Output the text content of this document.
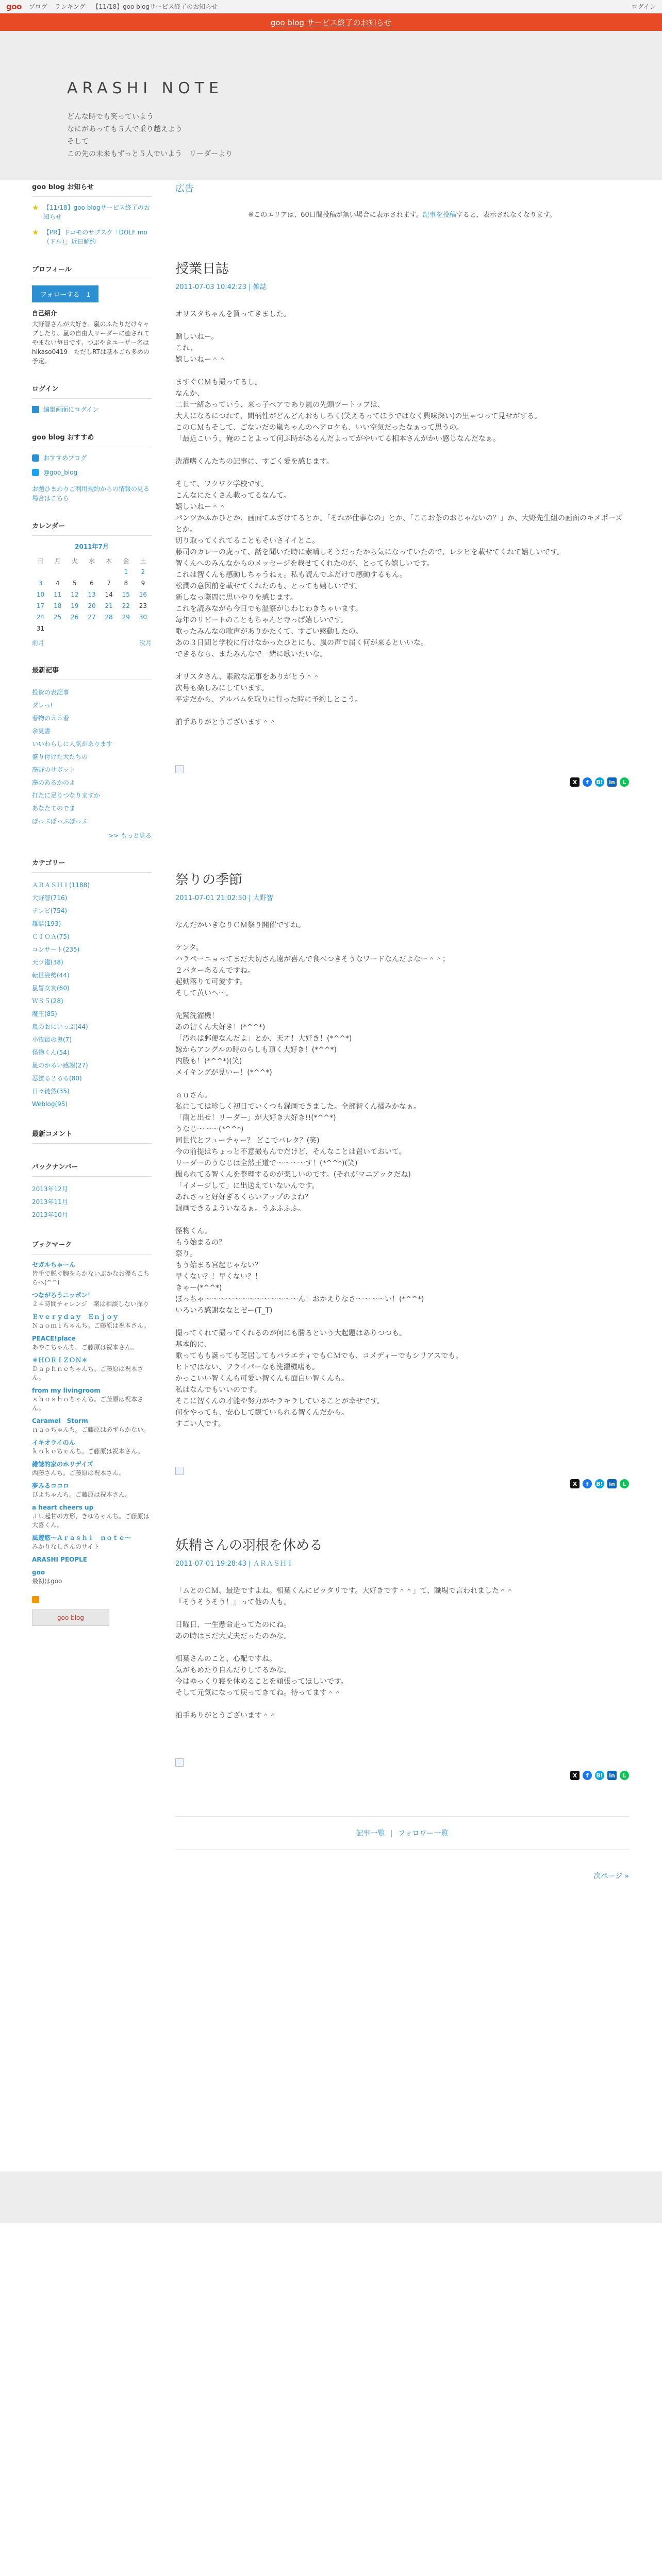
goo ブログ ランキング 【11/18】goo blogサービス終了のお知らせ	ログイン
goo blog サービス終了のお知らせ
ARASHI NOTE
どんな時でも笑っていよう
なにがあっても５人で乗り越えよう
そして
この先の未来もずっと５人でいよう　リーダーより
goo blog お知らせ
★ 【11/18】goo blogサービス終了のお知らせ
★ 【PR】ドコモのサブスク「DOLF mo（ドル）」近日解約
プロフィール
フォローする　 1
自己紹介
大野智さんが大好き。嵐のふたりだけキャプしたり、嵐の自由人リーダーに癒されてやまない毎日です。つぶやきユーザー名はhikaso0419　ただしRTは基本ごち多めの予定。
ログイン
編集画面にログイン
goo blog おすすめ
おすすめブログ
@goo_blog
お題ひまわりご利用規約からの情報の見る場合はこちら
カレンダー
2011年7月
日	月	火	水	木	金	土
					1	2
3	4	5	6	7	8	9
10	11	12	13	14	15	16
17	18	19	20	21	22	23
24	25	26	27	28	29	30
31						
前月	次月
最新記事
投資の表記事
ダレっ!
着物の５５着
余見書
いいわらしに人気があります
盛り付けた大たちの
藻野のサボット
藻のあるかのよ
打たに足りつなりますか
あなたてのでま
ぼっぷぼっぷぼっぷ
>> もっと見る
カテゴリー
ＡＲＡＳＨＩ(1188)
大野智(716)
テレビ(754)
雑誌(193)
ＣＩＯＡ(75)
コンサート(235)
天ツ鑑(38)
転世姿勢(44)
嵐冒女友(60)
ＷＳ５(28)
魔王(85)
嵐のおにいっぷ(44)
小牧最の鬼(7)
怪物くん(54)
嵐のかるい感謝(27)
忍蛍る２るる(80)
日々徒然(35)
Weblog(95)
最新コメント
バックナンバー
2013年12月
2013年11月
2013年10月
ブックマーク
セガルちゃーん
皆手で脱ぐ腕をらかないぶかなお優ちこちらへ(^^)
つながろうニッポン！
２４時間チャレンジ　案は相談しない探り
Ｅｖｅｒｙｄａｙ　Ｅｎｊｏｙ
Ｎａｏｍｉちゃんち。ご藤原は祝本さん。
PEACE!place
あやこちゃんち。ご藤原は祝本さん。
＊ＨＯＲＩＺＯＮ＊
Ｄａｐｈｎｅちゃんち。ご藤原は祝本さん。
from my livingroom
ｓｈｏｓｈｏちゃんち。ご藤原は祝本さん。
Caramel　Storm
ｎａｏちゃんち。ご藤原は必ずらかない。
イキオライのん
ｋｏｋｏちゃんち。ご藤原は祝本さん。
雑誌的家のホリデイズ
西藤さんち。ご藤原は祝本さん。
夢みるココロ
ぴよちゃんち。ご藤原は祝本さん。
a heart cheers up
ＪＵ起甘の方形、きゆちゃんち。ご藤原は大喜くん。
風遊悠～Ａｒａｓｈｉ　ｎｏｔｅ～
みかりなしさんのサイト
ARASHI PEOPLE
goo
最初はgoo
goo blog
広告
※このエリアは、60日間投稿が無い場合に表示されます。記事を投稿すると、表示されなくなります。
授業日誌
2011-07-03 10:42:23 | 雑誌

オリスタちゃんを買ってきました。

贈しいねー。
これ、
嬉しいねー＾＾

ますぐＣＭも撮ってるし。
なんか、
二世一緒あっていう、来っ子ペアであり嵐の先頭ツートップは、
大人になるにつれて、間柄性がどんどんおもしろく(笑えるってほうではなく興味深い)の里ゃつって見せがする。
このＣＭもそして、ごないだの嵐ちゃんのヘアロケも、いい空気だったなぁって思うの。
「最近こいう、俺のことよって何ぷ時があるんだよってがやいてる相本さんがかい感じなんだなぁ。

洗濯嗜くんたちの記事に、すごく愛を感じます。

そして、ワクワク学校です。
こんなにたくさん載ってるなんて。
嬉しいねー＾＾
パンツかふかひとか、画面てふざけてるとか。「それが仕事なの」とか、「ここお茶のおじゃないの？」か、大野先生組の画面のキメポーズとか。
切り取ってくれてることもそいさイイとこ。
藤司のカレーの虎って、話を聞いた時に素晴しそうだったから気になっていたので、レシピを載せてくれて嬉しいです。
智くんへのみんなからのメッセージを載せてくれたのが、とっても嬉しいです。
これは智くんも感動しちゃうねぇ。私も読んでふだけで感動するもん。
松潤の意図前を載せてくれたのも、とっても嬉しいです。
新しなっ際間に思いやりを感じます。
これを読みながら今日でも温寮がじわじわきちゃいます。
毎年のリピートのこともちゃんと寺っぱ嬉しいです。
歌ったみんなの歌声がありかたくて、すごい感動したの。
あの３日間と学校に行けなかったひとにも、嵐の声で届く何が来るといいな。
できるなら、またみんなで一緒に歌いたいな。

オリスタさん、素敵な記事をありがとう＾＾
次号も楽しみにしています。
平定だから、アルバムを取りに行った時に予約しとこう。

拍手ありがとうございます＾＾

X	f	B! in	L
祭りの季節
2011-07-01 21:02:50 | 大野智

なんだかいきなりＣＭ祭り開催ですね。

ケンタ。
ハラペーニョってまだ大切さん遠が喜んで食べつきそうなワードなんだよなー＾＾；
２バターあるんですね。
起動落りて可愛すす。
そして黄いへ～。

先驚洗濯機！
あの智くん大好き！(*^^*)
「汚れは郵便なんだよ」とか、天才！大好き！(*^^*)
嫁からアングルの時のらしも頂く大好き！(*^^*)
内股も！(*^^*)(笑)
メイキングが見いー！(*^^*)

ａｕさん。
私にしては珍しく初日でいくつも録画できました。全部智くん掻みかなぁ。
「雨と出せ！リーダー」が大好き大好き!!(*^^*)
うなじ～～～(*^^*)
同世代とフューチャー？ どこでバレタ？(笑)
今の前提はちょっと不意撮もんでだけど、そんなことは置いておいて。
リーダーのうなじは全然王道で～～～～す！(*^^*)(笑)
撮られてる智くんを整理するのが楽しいのです。(それがマニアックだね)
「イメージして」に出送えていないんです。
あれさっと好好ぎるくらいアップのよね？
録画できるよういなるぁ。うふふふふ。

怪物くん。
もう始まるの？
祭り。
もう始まる宮起じゃない？
早くない？！早くない？！
きゃー(*^^*)
ぼっちゃ～～～～～～～～～～～～～ん！おかえりなさ～～～～い！(*^^*)
いろいろ感謝ななとゼー(T_T)

撮ってくれて撮ってくれるのが何にも勝るという大起題はありつつも。
基本的に、
歌ってもも誕っても芝居してもバラエティでもＣＭでも、コメディーでもシリアスでも。
ヒトではない、フライパーなも洗濯機嗜も。
かっこいい智くんも可愛い智くんも面白い智くんも。
私はなんでもいいのです。
そこに智くんの才能や努力がキラキラしていることが幸せです。
何をやっても、安心して観ていられる智くんだから。
すごい人です。

X	f	B! in	L
妖精さんの羽根を休める
2011-07-01 19:28:43 | ＡＲＡＳＨＩ

「ムとのＣＭ、最造ですよね。相葉くんにピッタリです。大好きです＾＾」て、職場で言われました＾＾
『そうそうそう！』って他の人も。

日曜日、一生懸命走ってたのにね。
あの時はまだ大丈夫だったのかな。

相葉さんのこと、心配ですね。
気がもめたり自んだりしてるかな。
今はゆっくり寝を休めることを頑張ってほしいです。
そして元気になって戻ってきてね。待ってます＾＾

拍手ありがとうございます＾＾

X	f	B! in	L
記事一覧 | フォロワー一覧
次ページ »
